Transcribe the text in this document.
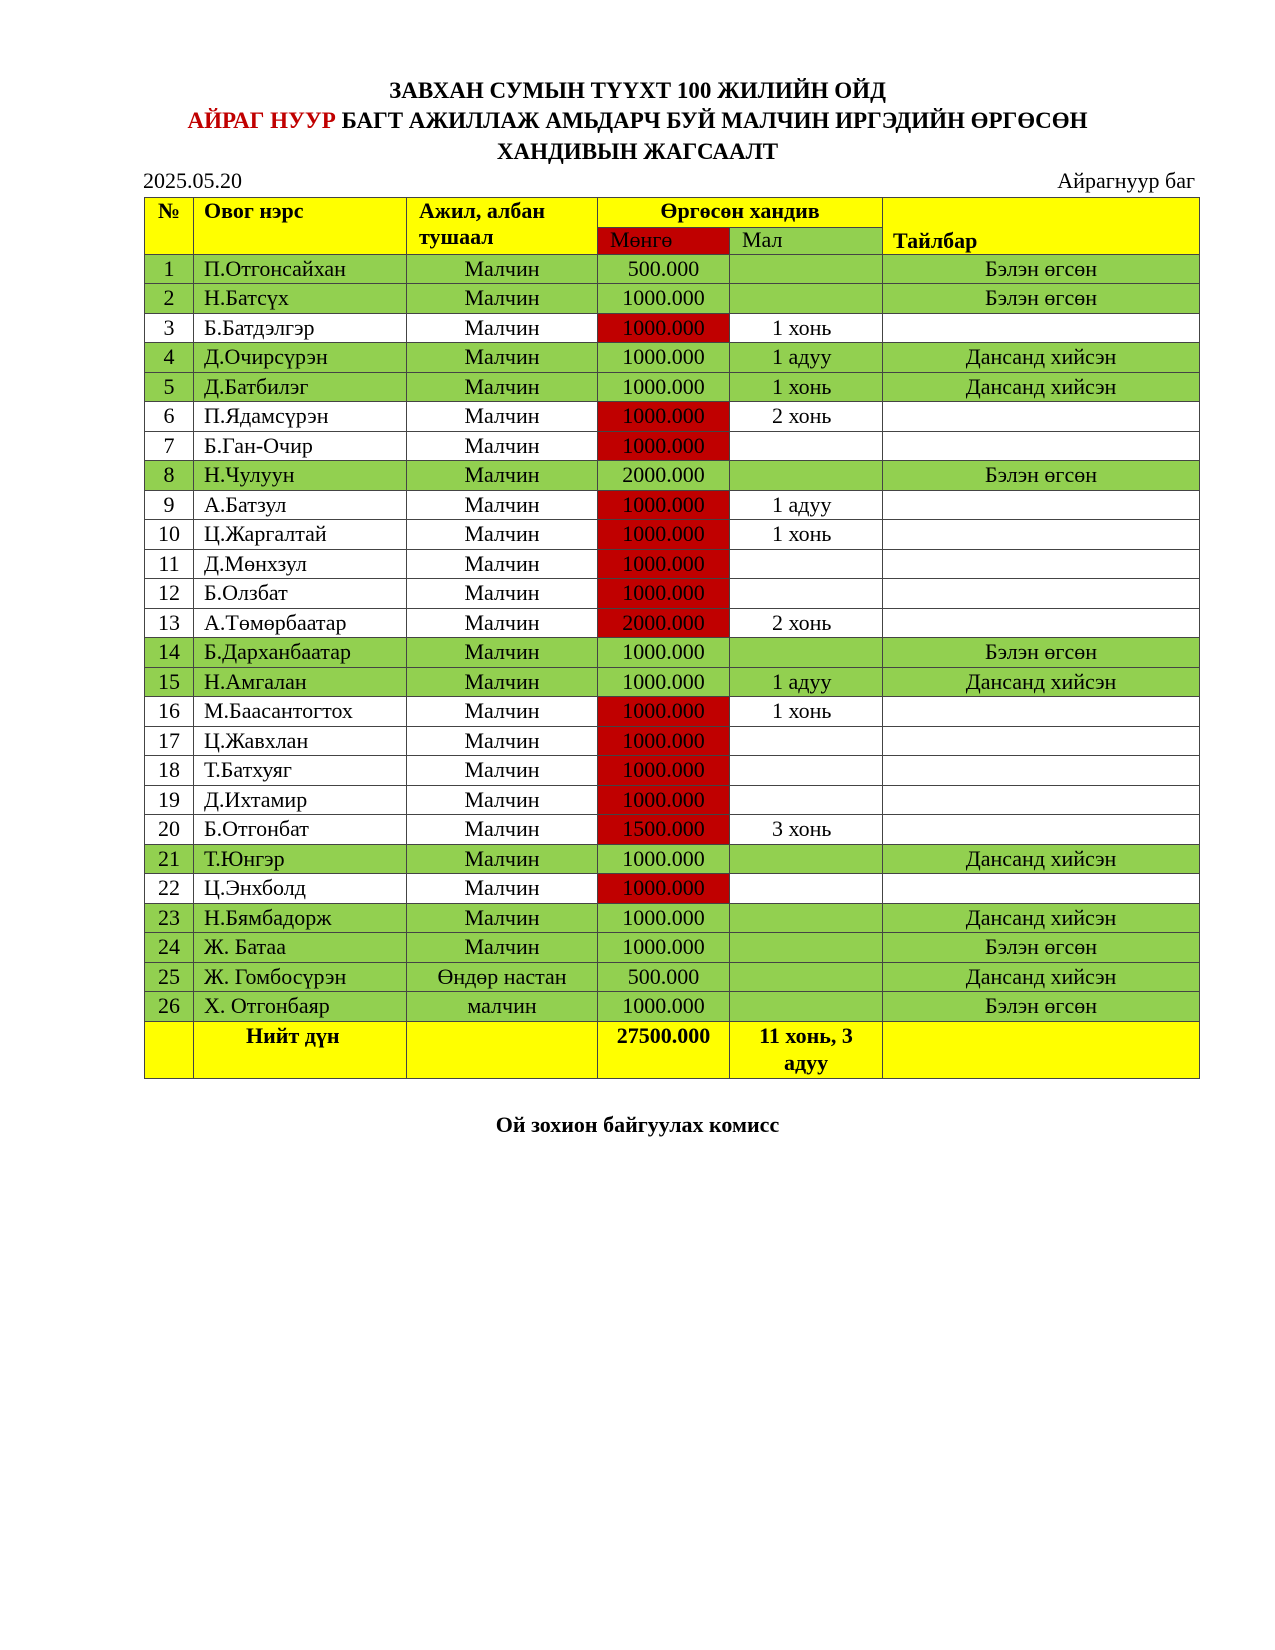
ЗАВХАН СУМЫН ТҮҮХТ 100 ЖИЛИЙН ОЙД
АЙРАГ НУУР БАГТ АЖИЛЛАЖ АМЬДАРЧ БУЙ МАЛЧИН ИРГЭДИЙН ӨРГӨСӨН
ХАНДИВЫН ЖАГСААЛТ
2025.05.20	Айрагнуур баг
№	Овог нэрс	Ажил, албан тушаал	Өргөсөн хандив		Тайлбар
			Мөнгө	Мал	
1	П.Отгонсайхан	Малчин	500.000		Бэлэн өгсөн
2	Н.Батсүх	Малчин	1000.000		Бэлэн өгсөн
3	Б.Батдэлгэр	Малчин	1000.000	1 хонь	
4	Д.Очирсүрэн	Малчин	1000.000	1 адуу	Дансанд хийсэн
5	Д.Батбилэг	Малчин	1000.000	1 хонь	Дансанд хийсэн
6	П.Ядамсүрэн	Малчин	1000.000	2 хонь	
7	Б.Ган-Очир	Малчин	1000.000		
8	Н.Чулуун	Малчин	2000.000		Бэлэн өгсөн
9	А.Батзул	Малчин	1000.000	1 адуу	
10	Ц.Жаргалтай	Малчин	1000.000	1 хонь	
11	Д.Мөнхзул	Малчин	1000.000		
12	Б.Олзбат	Малчин	1000.000		
13	А.Төмөрбаатар	Малчин	2000.000	2 хонь	
14	Б.Дарханбаатар	Малчин	1000.000		Бэлэн өгсөн
15	Н.Амгалан	Малчин	1000.000	1 адуу	Дансанд хийсэн
16	М.Баасантогтох	Малчин	1000.000	1 хонь	
17	Ц.Жавхлан	Малчин	1000.000		
18	Т.Батхуяг	Малчин	1000.000		
19	Д.Ихтамир	Малчин	1000.000		
20	Б.Отгонбат	Малчин	1500.000	3 хонь	
21	Т.Юнгэр	Малчин	1000.000		Дансанд хийсэн
22	Ц.Энхболд	Малчин	1000.000		
23	Н.Бямбадорж	Малчин	1000.000		Дансанд хийсэн
24	Ж. Батаа	Малчин	1000.000		Бэлэн өгсөн
25	Ж. Гомбосүрэн	Өндөр настан	500.000		Дансанд хийсэн
26	Х. Отгонбаяр	малчин	1000.000		Бэлэн өгсөн
	Нийт дүн		27500.000	11 хонь, 3 адуу	
Ой зохион байгуулах комисс
